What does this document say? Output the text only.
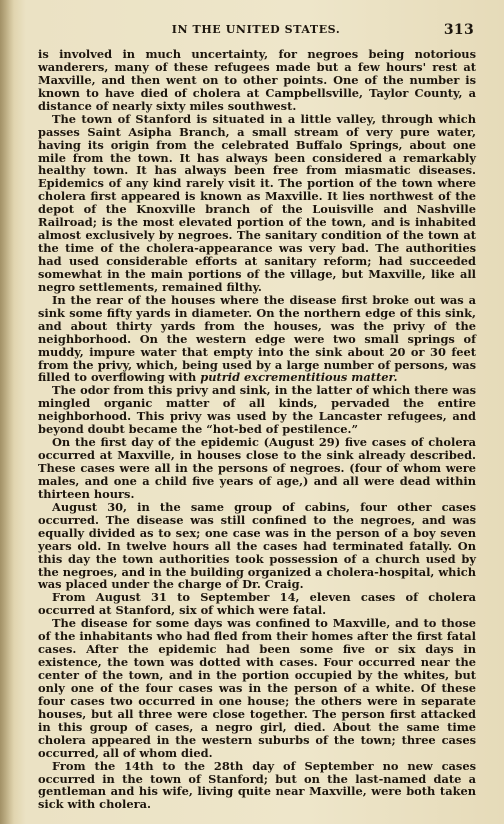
IN THE UNITED STATES.	313

is involved in much uncertainty, for negroes being notorious wanderers, many of these refugees made but a few hours' rest at Maxville, and then went on to other points. One of the number is known to have died of cholera at Campbellsville, Taylor County, a distance of nearly sixty miles southwest.

The town of Stanford is situated in a little valley, through which passes Saint Asipha Branch, a small stream of very pure water, having its origin from the celebrated Buffalo Springs, about one mile from the town. It has always been considered a remarkably healthy town. It has always been free from miasmatic diseases. Epidemics of any kind rarely visit it. The portion of the town where cholera first appeared is known as Maxville. It lies northwest of the depot of the Knoxville branch of the Louisville and Nashville Railroad; is the most elevated portion of the town, and is inhabited almost exclusively by negroes. The sanitary condition of the town at the time of the cholera-appearance was very bad. The authorities had used considerable efforts at sanitary reform; had succeeded somewhat in the main portions of the village, but Maxville, like all negro settlements, remained filthy.

In the rear of the houses where the disease first broke out was a sink some fifty yards in diameter. On the northern edge of this sink, and about thirty yards from the houses, was the privy of the neighborhood. On the western edge were two small springs of muddy, impure water that empty into the sink about 20 or 30 feet from the privy, which, being used by a large number of persons, was filled to overflowing with putrid excrementitious matter.

The odor from this privy and sink, in the latter of which there was mingled organic matter of all kinds, pervaded the entire neighborhood. This privy was used by the Lancaster refugees, and beyond doubt became the “hot-bed of pestilence.”

On the first day of the epidemic (August 29) five cases of cholera occurred at Maxville, in houses close to the sink already described. These cases were all in the persons of negroes. (four of whom were males, and one a child five years of age,) and all were dead within thirteen hours.

August 30, in the same group of cabins, four other cases occurred. The disease was still confined to the negroes, and was equally divided as to sex; one case was in the person of a boy seven years old. In twelve hours all the cases had terminated fatally. On this day the town authorities took possession of a church used by the negroes, and in the building organized a cholera-hospital, which was placed under the charge of Dr. Craig.

From August 31 to September 14, eleven cases of cholera occurred at Stanford, six of which were fatal.

The disease for some days was confined to Maxville, and to those of the inhabitants who had fled from their homes after the first fatal cases. After the epidemic had been some five or six days in existence, the town was dotted with cases. Four occurred near the center of the town, and in the portion occupied by the whites, but only one of the four cases was in the person of a white. Of these four cases two occurred in one house; the others were in separate houses, but all three were close together. The person first attacked in this group of cases, a negro girl, died. About the same time cholera appeared in the western suburbs of the town; three cases occurred, all of whom died.

From the 14th to the 28th day of September no new cases occurred in the town of Stanford; but on the last-named date a gentleman and his wife, living quite near Maxville, were both taken sick with cholera.
